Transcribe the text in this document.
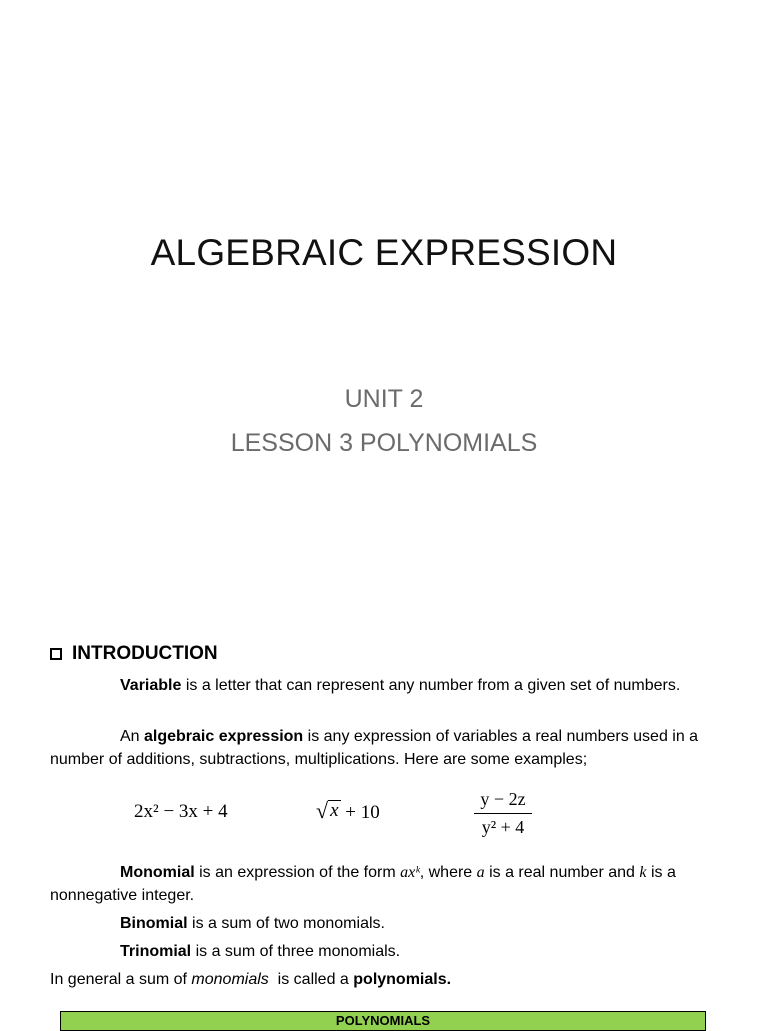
ALGEBRAIC EXPRESSION
UNIT 2
LESSON 3 POLYNOMIALS
INTRODUCTION
Variable is a letter that can represent any number from a given set of numbers.
An algebraic expression is any expression of variables a real numbers used in a number of additions, subtractions, multiplications. Here are some examples;
2x² − 3x + 4	√ x + 10	$\frac{y - 2z}{\text{y² + 4}}$
Monomial is an expression of the form axᵏ, where a is a real number and k is a nonnegative integer.
Binomial is a sum of two monomials.
Trinomial is a sum of three monomials.
In general a sum of monomials  is called a polynomials.
POLYNOMIALS
